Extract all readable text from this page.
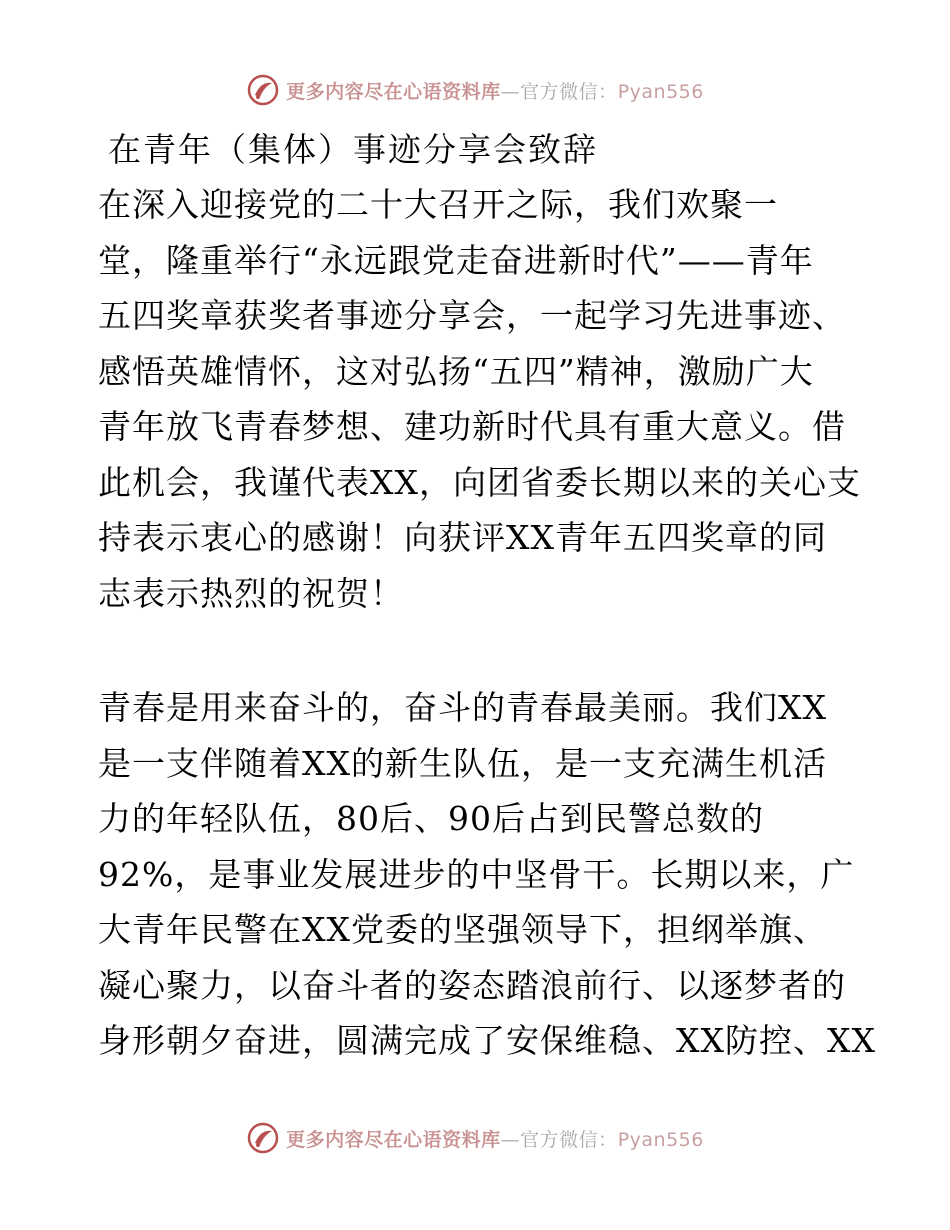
更多内容尽在心语资料库—官方微信：Pyan556
在青年（集体）事迹分享会致辞
在深入迎接党的二十大召开之际，我们欢聚一
堂，隆重举行“永远跟党走奋进新时代”——青年
五四奖章获奖者事迹分享会，一起学习先进事迹、
感悟英雄情怀，这对弘扬“五四”精神，激励广大
青年放飞青春梦想、建功新时代具有重大意义。借
此机会，我谨代表XX，向团省委长期以来的关心支
持表示衷心的感谢！向获评XX青年五四奖章的同
志表示热烈的祝贺！
青春是用来奋斗的，奋斗的青春最美丽。我们XX
是一支伴随着XX的新生队伍，是一支充满生机活
力的年轻队伍，80后、90后占到民警总数的
92%，是事业发展进步的中坚骨干。长期以来，广
大青年民警在XX党委的坚强领导下，担纲举旗、
凝心聚力，以奋斗者的姿态踏浪前行、以逐梦者的
身形朝夕奋进，圆满完成了安保维稳、XX防控、XX
更多内容尽在心语资料库—官方微信：Pyan556
